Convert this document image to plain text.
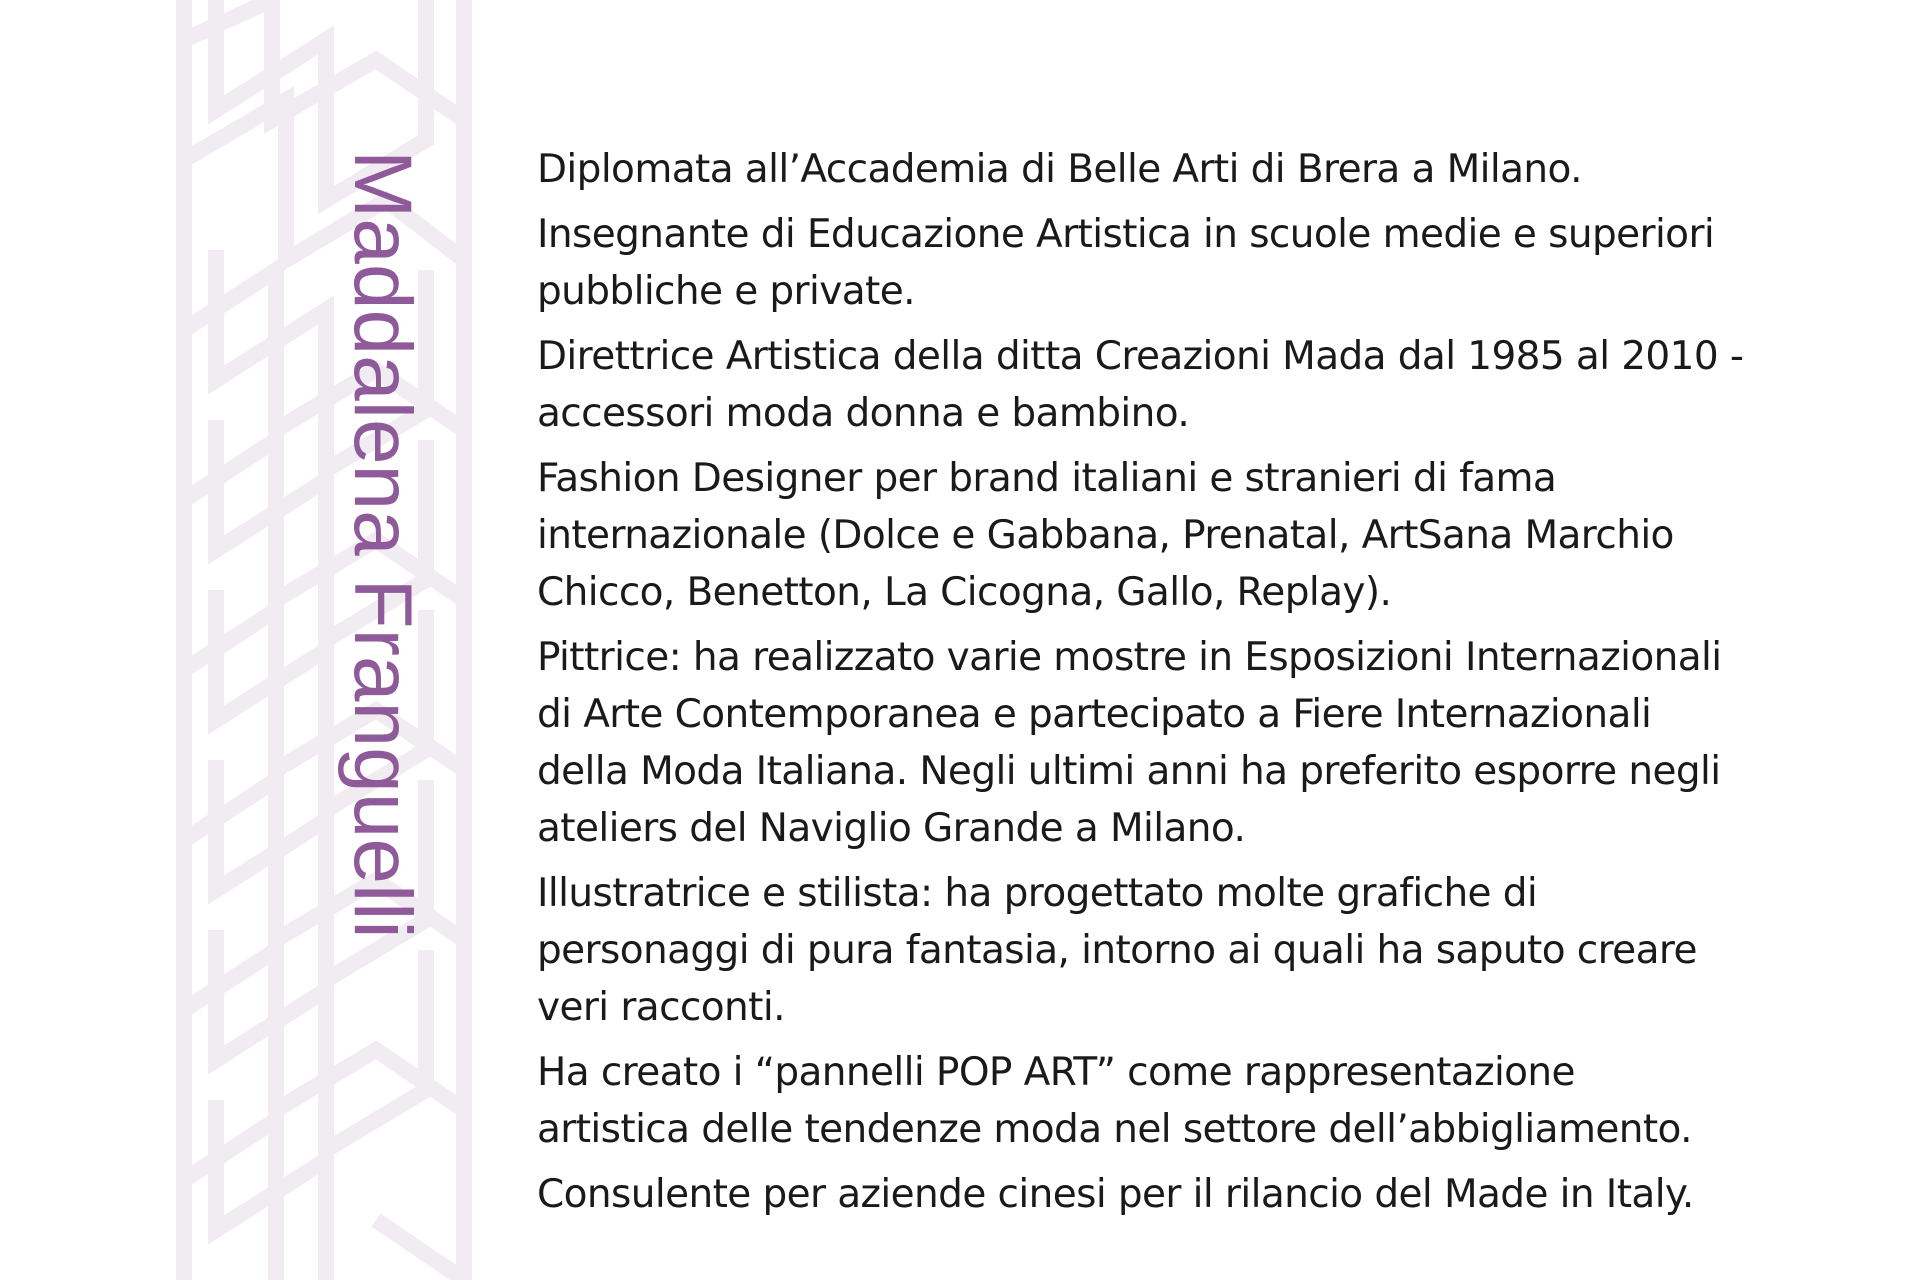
Maddalena Franguelli	Diplomata all’Accademia di Belle Arti di Brera a Milano.

Insegnante di Educazione Artistica in scuole medie e superiori
pubbliche e private.

Direttrice Artistica della ditta Creazioni Mada dal 1985 al 2010 -
accessori moda donna e bambino.

Fashion Designer per brand italiani e stranieri di fama
internazionale (Dolce e Gabbana, Prenatal, ArtSana Marchio
Chicco, Benetton, La Cicogna, Gallo, Replay).

Pittrice: ha realizzato varie mostre in Esposizioni Internazionali
di Arte Contemporanea e partecipato a Fiere Internazionali
della Moda Italiana. Negli ultimi anni ha preferito esporre negli
ateliers del Naviglio Grande a Milano.

Illustratrice e stilista: ha progettato molte grafiche di
personaggi di pura fantasia, intorno ai quali ha saputo creare
veri racconti.

Ha creato i “pannelli POP ART” come rappresentazione
artistica delle tendenze moda nel settore dell’abbigliamento.

Consulente per aziende cinesi per il rilancio del Made in Italy.
